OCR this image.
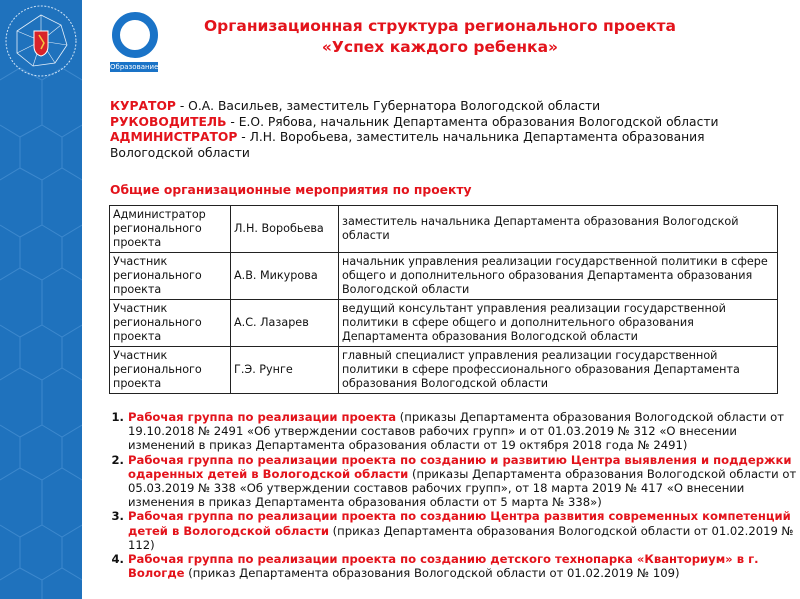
Образование
Организационная структура регионального проекта
«Успех каждого ребенка»
КУРАТОР - О.А. Васильев, заместитель Губернатора Вологодской области
РУКОВОДИТЕЛЬ - Е.О. Рябова, начальник Департамента образования Вологодской области
АДМИНИСТРАТОР - Л.Н. Воробьева, заместитель начальника Департамента образования Вологодской области
Общие организационные мероприятия по проекту
Администратор регионального проекта	Л.Н. Воробьева	заместитель начальника Департамента образования Вологодской области
Участник регионального проекта	А.В. Микурова	начальник управления реализации государственной политики в сфере общего и дополнительного образования Департамента образования Вологодской области
Участник регионального проекта	А.С. Лазарев	ведущий консультант управления реализации государственной политики в сфере общего и дополнительного образования Департамента образования Вологодской области
Участник регионального проекта	Г.Э. Рунге	главный специалист управления реализации государственной политики в сфере профессионального образования Департамента образования Вологодской области
1. Рабочая группа по реализации проекта (приказы Департамента образования Вологодской области от 19.10.2018 № 2491 «Об утверждении составов рабочих групп» и от 01.03.2019 № 312 «О внесении изменений в приказ Департамента образования области от 19 октября 2018 года № 2491)
2. Рабочая группа по реализации проекта по созданию и развитию Центра выявления и поддержки одаренных детей в Вологодской области (приказы Департамента образования Вологодской области от 05.03.2019 № 338 «Об утверждении составов рабочих групп», от 18 марта 2019 № 417 «О внесении изменения в приказ Департамента образования области от 5 марта № 338»)
3. Рабочая группа по реализации проекта по созданию Центра развития современных компетенций детей в Вологодской области (приказ Департамента образования Вологодской области от 01.02.2019 № 112)
4. Рабочая группа по реализации проекта по созданию детского технопарка «Кванториум» в г. Вологде (приказ Департамента образования Вологодской области от 01.02.2019 № 109)
